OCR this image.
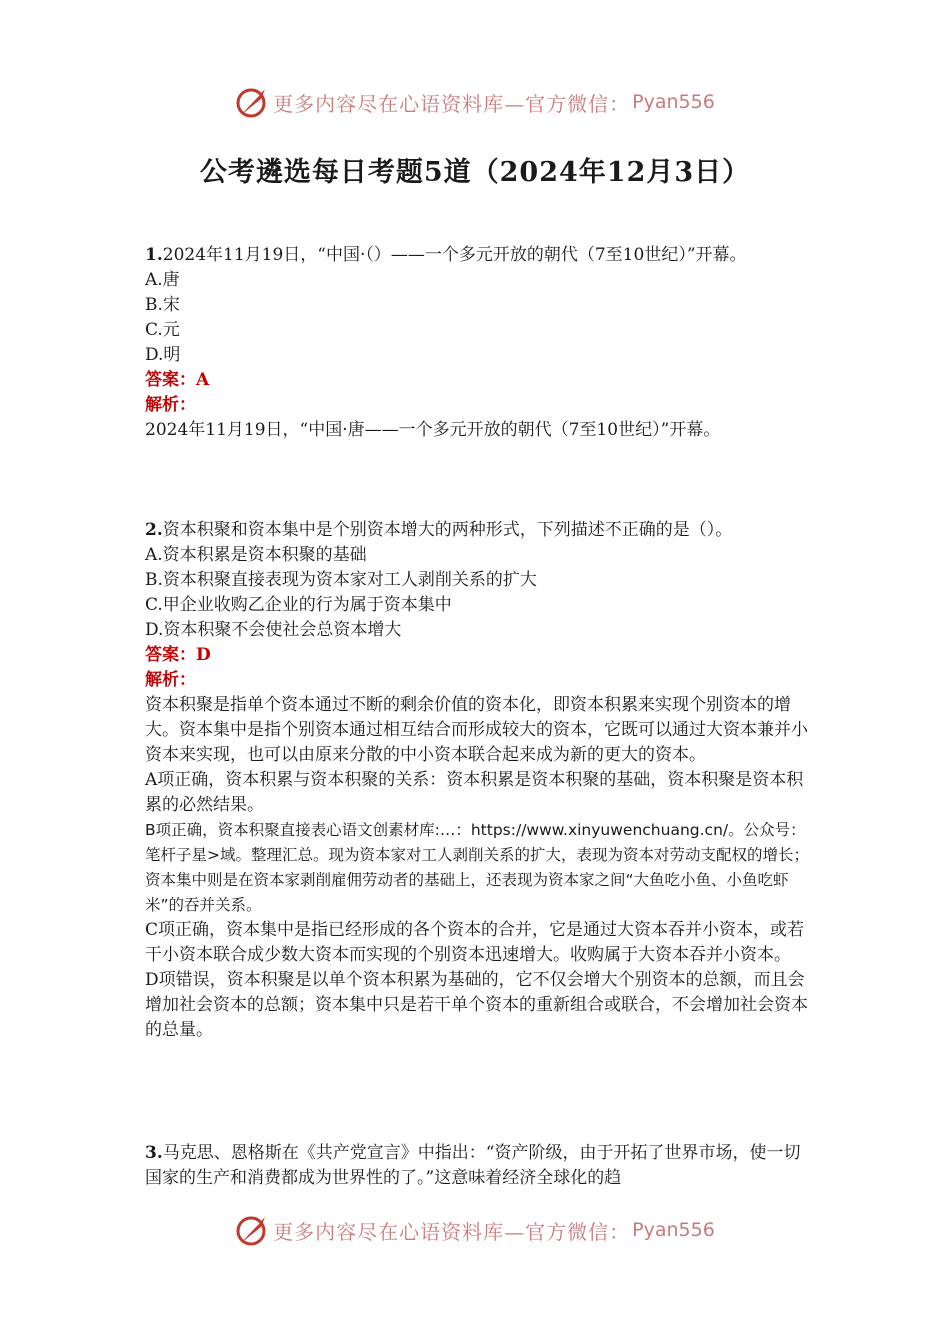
更多内容尽在心语资料库—官方微信： Pyan556
公考遴选每日考题5道（2024年12月3日）

1.2024年11月19日，“中国·（）——一个多元开放的朝代（7至10世纪）”开幕。

A.唐

B.宋

C.元

D.明

答案：A

解析：

2024年11月19日，“中国·唐——一个多元开放的朝代（7至10世纪）”开幕。

2.资本积聚和资本集中是个别资本增大的两种形式，下列描述不正确的是（）。

A.资本积累是资本积聚的基础

B.资本积聚直接表现为资本家对工人剥削关系的扩大

C.甲企业收购乙企业的行为属于资本集中

D.资本积聚不会使社会总资本增大

答案：D

解析：

资本积聚是指单个资本通过不断的剩余价值的资本化，即资本积累来实现个别资本的增大。资本集中是指个别资本通过相互结合而形成较大的资本，它既可以通过大资本兼并小资本来实现，也可以由原来分散的中小资本联合起来成为新的更大的资本。

A项正确，资本积累与资本积聚的关系：资本积累是资本积聚的基础，资本积聚是资本积累的必然结果。

B项正确，资本积聚直接表心语文创素材库:…：https://www.xinyuwenchuang.cn/。公众号：笔杆子星>域。整理汇总。现为资本家对工人剥削关系的扩大，表现为资本对劳动支配权的增长；资本集中则是在资本家剥削雇佣劳动者的基础上，还表现为资本家之间“大鱼吃小鱼、小鱼吃虾米”的吞并关系。

C项正确，资本集中是指已经形成的各个资本的合并，它是通过大资本吞并小资本，或若干小资本联合成少数大资本而实现的个别资本迅速增大。收购属于大资本吞并小资本。

D项错误，资本积聚是以单个资本积累为基础的，它不仅会增大个别资本的总额，而且会增加社会资本的总额；资本集中只是若干单个资本的重新组合或联合，不会增加社会资本的总量。

3.马克思、恩格斯在《共产党宣言》中指出：“资产阶级，由于开拓了世界市场，使一切国家的生产和消费都成为世界性的了。”这意味着经济全球化的趋

更多内容尽在心语资料库—官方微信： Pyan556
